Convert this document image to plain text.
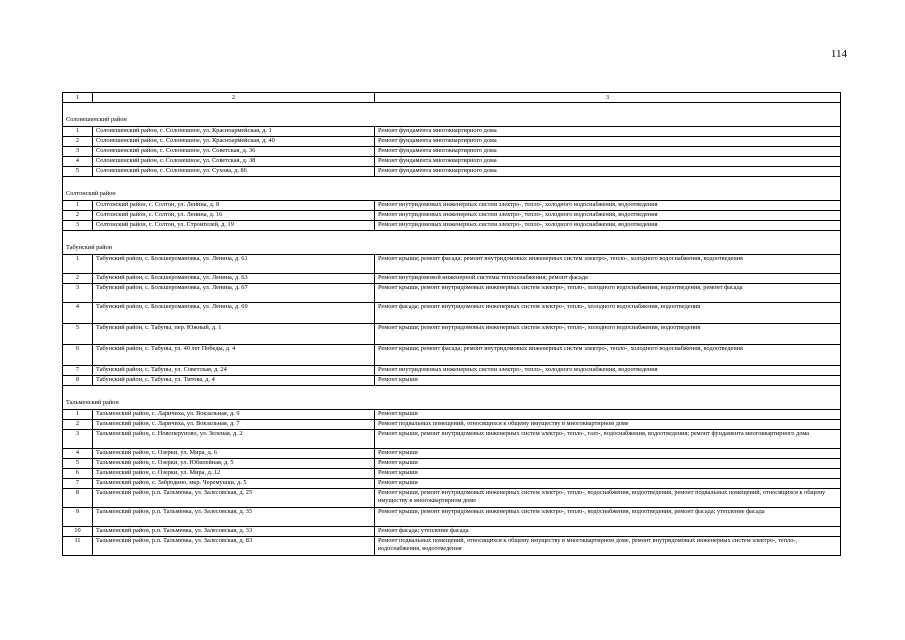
114
1	2	3
Солонешенский район		
1	Солонешенский район, с. Солонешное, ул. Красноармейская, д. 1	Ремонт фундамента многоквартирного дома
2	Солонешенский район, с. Солонешное, ул. Красноармейская, д. 40	Ремонт фундамента многоквартирного дома
3	Солонешенский район, с. Солонешное, ул. Советская, д. 36	Ремонт фундамента многоквартирного дома
4	Солонешенский район, с. Солонешное, ул. Советская, д. 38	Ремонт фундамента многоквартирного дома
5	Солонешенский район, с. Солонешное, ул. Сухова, д. 86	Ремонт фундамента многоквартирного дома
Солтонский район		
1	Солтонский район, с. Солтон, ул. Ленина, д. 8	Ремонт внутридомовых инженерных систем электро-, тепло-, холодного водоснабжения, водоотведения
2	Солтонский район, с. Солтон, ул. Ленина, д. 16	Ремонт внутридомовых инженерных систем электро-, тепло-, холодного водоснабжения, водоотведения
3	Солтонский район, с. Солтон, ул. Строителей, д. 19	Ремонт внутридомовых инженерных систем электро-, тепло-, холодного водоснабжения, водоотведения
Табунский район		
1	Табунский район, с. Большеромановка, ул. Ленина, д. 61	Ремонт крыши; ремонт фасада; ремонт внутридомовых инженерных систем электро-, тепло-, холодного водоснабжения, водоотведения
2	Табунский район, с. Большеромановка, ул. Ленина, д. 63	Ремонт внутридомовой инженерной системы теплоснабжения; ремонт фасада
3	Табунский район, с. Большеромановка, ул. Ленина, д. 67	Ремонт крыши, ремонт внутридомовых инженерных систем электро-, тепло-, холодного водоснабжения, водоотведения, ремонт фасада
4	Табунский район, с. Большеромановка, ул. Ленина, д. 69	Ремонт фасада; ремонт внутридомовых инженерных систем электро-, тепло-, холодного водоснабжения, водоотведения
5	Табунский район, с. Табуны, пер. Южный, д. 1	Ремонт крыши; ремонт внутридомовых инженерных систем электро-, тепло-, холодного водоснабжения, водоотведения
6	Табунский район, с. Табуны, ул. 40 лет Победы, д. 4	Ремонт крыши; ремонт фасада; ремонт внутридомовых инженерных систем электро-, тепло-, холодного водоснабжения, водоотведения
7	Табунский район, с. Табуны, ул. Советская, д. 24	Ремонт внутридомовых инженерных систем электро-, тепло-, холодного водоснабжения, водоотведения
8	Табунский район, с. Табуны, ул. Титова, д. 4	Ремонт крыши
Тальменский район		
1	Тальменский район, с. Ларичиха, ул. Вокзальная, д. 9	Ремонт крыши
2	Тальменский район, с. Ларичиха, ул. Вокзальная, д. 7	Ремонт подвальных помещений, относящихся к общему имуществу в многоквартирном доме
3	Тальменский район, с. Новоперуново, ул. Зеленая, д. 2	Ремонт крыши, ремонт внутридомовых инженерных систем электро-, тепло-, газо-, водоснабжения, водоотведения; ремонт фундамента многоквартирного дома
4	Тальменский район, с. Озерки, ул. Мира, д. 6	Ремонт крыши
5	Тальменский район, с. Озерки, ул. Юбилейная, д. 5	Ремонт крыши
6	Тальменский район, с. Озерки, ул. Мира, д. 12	Ремонт крыши
7	Тальменский район, с. Забродино, мкр. Черемушки, д. 5	Ремонт крыши
8	Тальменский район, р.п. Тальменка, ул. Залесовская, д. 25	Ремонт крыши, ремонт внутридомовых инженерных систем электро-, тепло-, водоснабжения, водоотведения, ремонт подвальных помещений, относящихся к общему имуществу в многоквартирном доме
9	Тальменский район, р.п. Тальменка, ул. Залесовская, д. 35	Ремонт крыши, ремонт внутридомовых инженерных систем электро-, тепло-, водоснабжения, водоотведения, ремонт фасада; утепление фасада
10	Тальменский район, р.п. Тальменка, ул. Залесовская, д. 33	Ремонт фасада; утепление фасада
11	Тальменский район, р.п. Тальменка, ул. Залесовская, д. 83	Ремонт подвальных помещений, относящихся к общему имуществу в многоквартирном доме, ремонт внутридомовых инженерных систем электро-, тепло-, водоснабжения, водоотведения
